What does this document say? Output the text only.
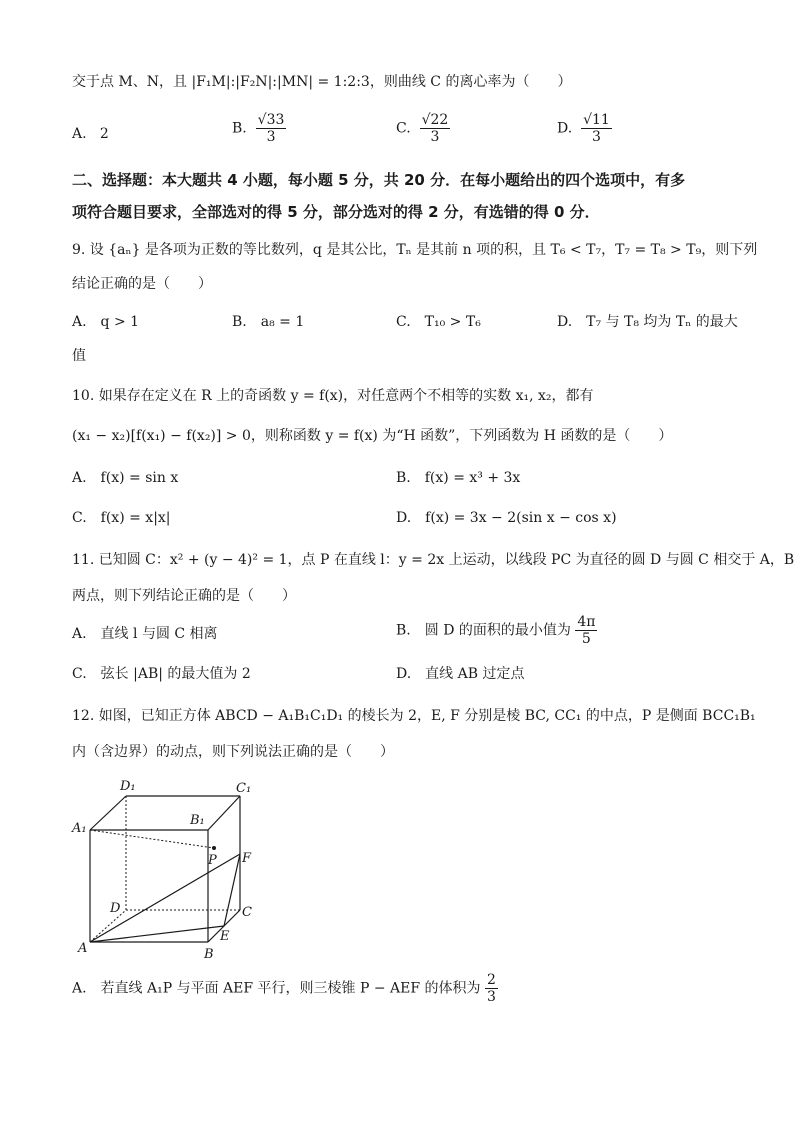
交于点 M、N，且 |F₁M|:|F₂N|:|MN| = 1:2:3，则曲线 C 的离心率为（　　）
A. 2	B. $\frac{√33}{3}$	C. $\frac{√22}{3}$	D. $\frac{√11}{3}$
二、选择题：本大题共 4 小题，每小题 5 分，共 20 分．在每小题给出的四个选项中，有多
项符合题目要求，全部选对的得 5 分，部分选对的得 2 分，有选错的得 0 分．
9. 设 {aₙ} 是各项为正数的等比数列，q 是其公比，Tₙ 是其前 n 项的积，且 T₆ < T₇，T₇ = T₈ > T₉，则下列
结论正确的是（　　）
A.　q > 1	B.　a₈ = 1	C.　T₁₀ > T₆	D.　T₇ 与 T₈ 均为 Tₙ 的最大
值
10. 如果存在定义在 R 上的奇函数 y = f(x)，对任意两个不相等的实数 x₁, x₂，都有
(x₁ − x₂)[f(x₁) − f(x₂)] > 0，则称函数 y = f(x) 为“H 函数”，下列函数为 H 函数的是（　　）
A.　f(x) = sin x	B.　f(x) = x³ + 3x
C.　f(x) = x|x|	D.　f(x) = 3x − 2(sin x − cos x)
11. 已知圆 C：x² + (y − 4)² = 1，点 P 在直线 l：y = 2x 上运动，以线段 PC 为直径的圆 D 与圆 C 相交于 A，B
两点，则下列结论正确的是（　　）
A.　直线 l 与圆 C 相离	B.　圆 D 的面积的最小值为 $\frac{4\pi}{5}$
C.　弦长 |AB| 的最大值为 2	D.　直线 AB 过定点
12. 如图，已知正方体 ABCD − A₁B₁C₁D₁ 的棱长为 2，E, F 分别是棱 BC, CC₁ 的中点，P 是侧面 BCC₁B₁
内（含边界）的动点，则下列说法正确的是（　　）
D₁	C₁
A₁
B₁
P F
D	C
A
E
B
A.　若直线 A₁P 与平面 AEF 平行，则三棱锥 P − AEF 的体积为 $\frac{2}{3}$
